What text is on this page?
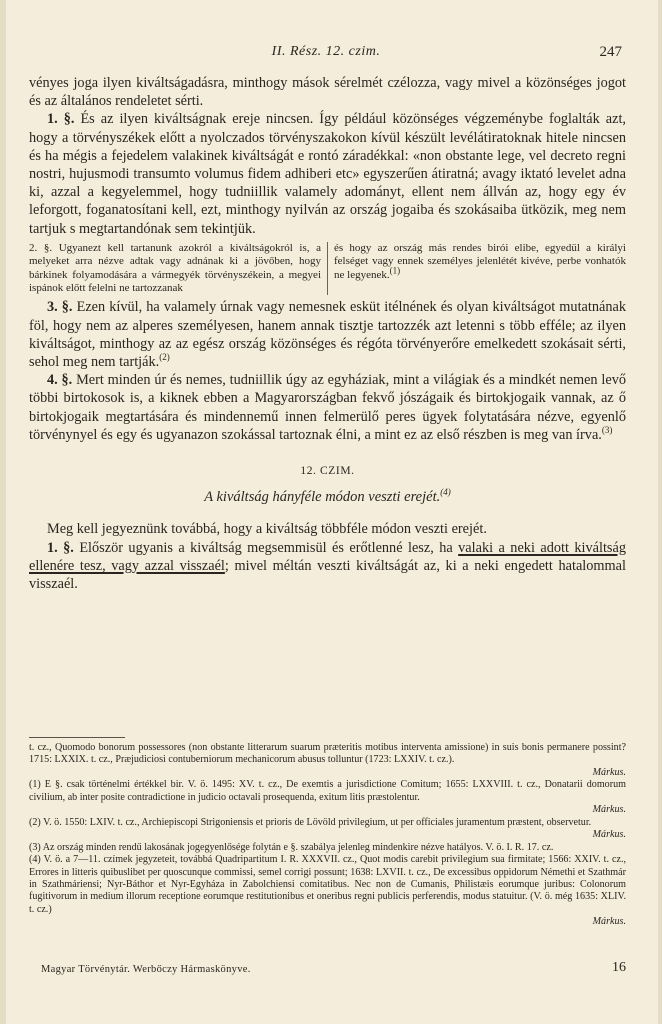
II. Rész. 12. czim.	247

vényes joga ilyen kiváltságadásra, minthogy mások sérelmét czélozza, vagy mivel a közönséges jogot és az általános rendeletet sérti.

1. §. És az ilyen kiváltságnak ereje nincsen. Így például közönséges végzeménybe foglalták azt, hogy a törvényszékek előtt a nyolczados törvényszakokon kívül készült levélátiratoknak hitele nincsen és ha mégis a fejedelem valakinek kiváltságát e rontó záradékkal: «non obstante lege, vel decreto regni nostri, hujusmodi transumto volumus fidem adhiberi etc» egyszerűen átiratná; avagy iktató levelet adna ki, azzal a kegyelemmel, hogy tudniillik valamely adományt, ellent nem állván az, hogy egy év leforgott, foganatosítani kell, ezt, minthogy nyilván az ország jogaiba és szokásaiba ütközik, meg nem tartjuk s megtartandónak sem tekintjük.

2. §. Ugyanezt kell tartanunk azokról a kiváltságokról is, a melyeket arra nézve adtak vagy adnának ki a jövőben, hogy bárkinek folyamodására a vármegyék törvényszékein, a megyei ispánok előtt felelni ne tartozzanak
és hogy az ország más rendes birói elibe, egyedül a királyi felséget vagy ennek személyes jelenlétét kivéve, perbe vonhatók ne legyenek.$^{(1)}$

3. §. Ezen kívül, ha valamely úrnak vagy nemesnek esküt itélnének és olyan kiváltságot mutatnának föl, hogy nem az alperes személyesen, hanem annak tisztje tartozzék azt letenni s több efféle; az ilyen kiváltságot, minthogy az az egész ország közönséges és régóta törvényerőre emelkedett szokásait sérti, sehol meg nem tartják.$^{(2)}$

4. §. Mert minden úr és nemes, tudniillik úgy az egyháziak, mint a világiak és a mindkét nemen levő többi birtokosok is, a kiknek ebben a Magyarországban fekvő jószágaik és birtokjogaik vannak, az ő birtokjogaik megtartására és mindennemű innen felmerülő peres ügyek folytatására nézve, egyenlő törvénynyel és egy és ugyanazon szokással tartoznak élni, a mint ez az első részben is meg van írva.$^{(3)}$

12. CZIM.
A kiváltság hányféle módon veszti erejét.$^{(4)}$

Meg kell jegyeznünk továbbá, hogy a kiváltság többféle módon veszti erejét.

1. §. Először ugyanis a kiváltság megsemmisül és erőtlenné lesz, ha valaki a neki adott kiváltság ellenére tesz, vagy azzal visszaél; mivel méltán veszti kiváltságát az, ki a neki engedett hatalommal visszaél.

t. cz., Quomodo bonorum possessores (non obstante litterarum suarum præteritis motibus interventa amissione) in suis bonis permanere possint? 1715: LXXIX. t. cz., Præjudiciosi contuberniorum mechanicorum abusus tolluntur (1723: LXXIV. t. cz.).

Márkus.

(1) E §. csak történelmi értékkel bir. V. ö. 1495: XV. t. cz., De exemtis a jurisdictione Comitum; 1655: LXXVIII. t. cz., Donatarii domorum civilium, ab inter posite contradictione in judicio octavali prosequenda, exitum litis præstolentur.

Márkus.

(2) V. ö. 1550: LXIV. t. cz., Archiepiscopi Strigoniensis et prioris de Lövöld privilegium, ut per officiales juramentum præstent, observetur.

Márkus.

(3) Az ország minden rendű lakosának jogegyenlősége folytán e §. szabálya jelenleg mindenkire nézve hatályos. V. ö. I. R. 17. cz.

(4) V. ö. a 7—11. czímek jegyzeteit, továbbá Quadripartitum I. R. XXXVII. cz., Quot modis carebit privilegium sua firmitate; 1566: XXIV. t. cz., Errores in litteris quibuslibet per quoscunque commissi, semel corrigi possunt; 1638: LXVII. t. cz., De excessibus oppidorum Némethi et Szathmár in Szathmáriensi; Nyr-Báthor et Nyr-Egyháza in Zabolchiensi comitatibus. Nec non de Cumanis, Philistæis eorumque juribus: Colonorum fugitivorum in medium illorum receptione eorumque restitutionibus et oneribus regni publicis perferendis, modus statuitur. (V. ö. még 1635: XLIV. t. cz.)

Márkus.
Magyar Törvénytár. Werbőczy Hármaskönyve.	16
